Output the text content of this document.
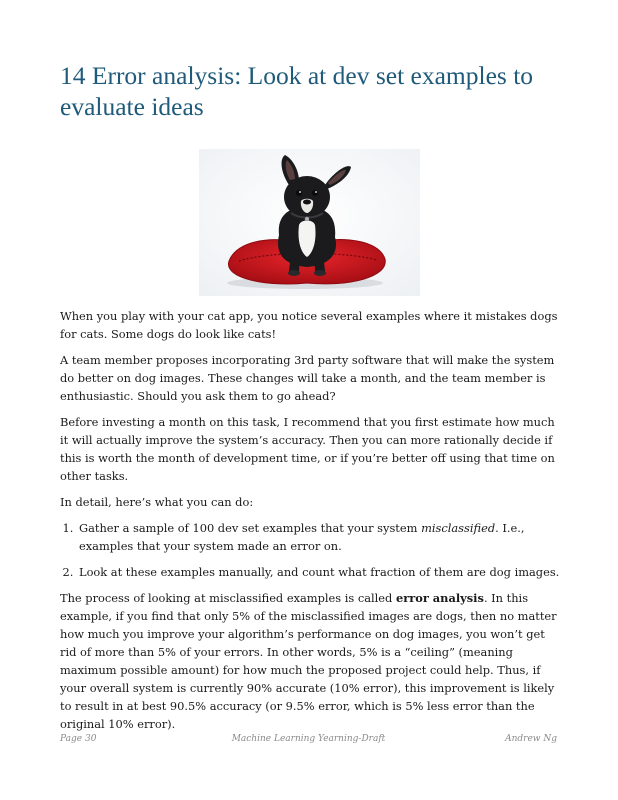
14 Error analysis: Look at dev set examples to evaluate ideas

When you play with your cat app, you notice several examples where it mistakes dogs for cats. Some dogs do look like cats!

A team member proposes incorporating 3rd party software that will make the system do better on dog images. These changes will take a month, and the team member is enthusiastic. Should you ask them to go ahead?

Before investing a month on this task, I recommend that you first estimate how much it will actually improve the system’s accuracy. Then you can more rationally decide if this is worth the month of development time, or if you’re better off using that time on other tasks.

In detail, here’s what you can do:

1. Gather a sample of 100 dev set examples that your system misclassified. I.e., examples that your system made an error on.
2. Look at these examples manually, and count what fraction of them are dog images.

The process of looking at misclassified examples is called error analysis. In this example, if you find that only 5% of the misclassified images are dogs, then no matter how much you improve your algorithm’s performance on dog images, you won’t get rid of more than 5% of your errors. In other words, 5% is a “ceiling” (meaning maximum possible amount) for how much the proposed project could help. Thus, if your overall system is currently 90% accurate (10% error), this improvement is likely to result in at best 90.5% accuracy (or 9.5% error, which is 5% less error than the original 10% error).

Page 30	Machine Learning Yearning-Draft	Andrew Ng
